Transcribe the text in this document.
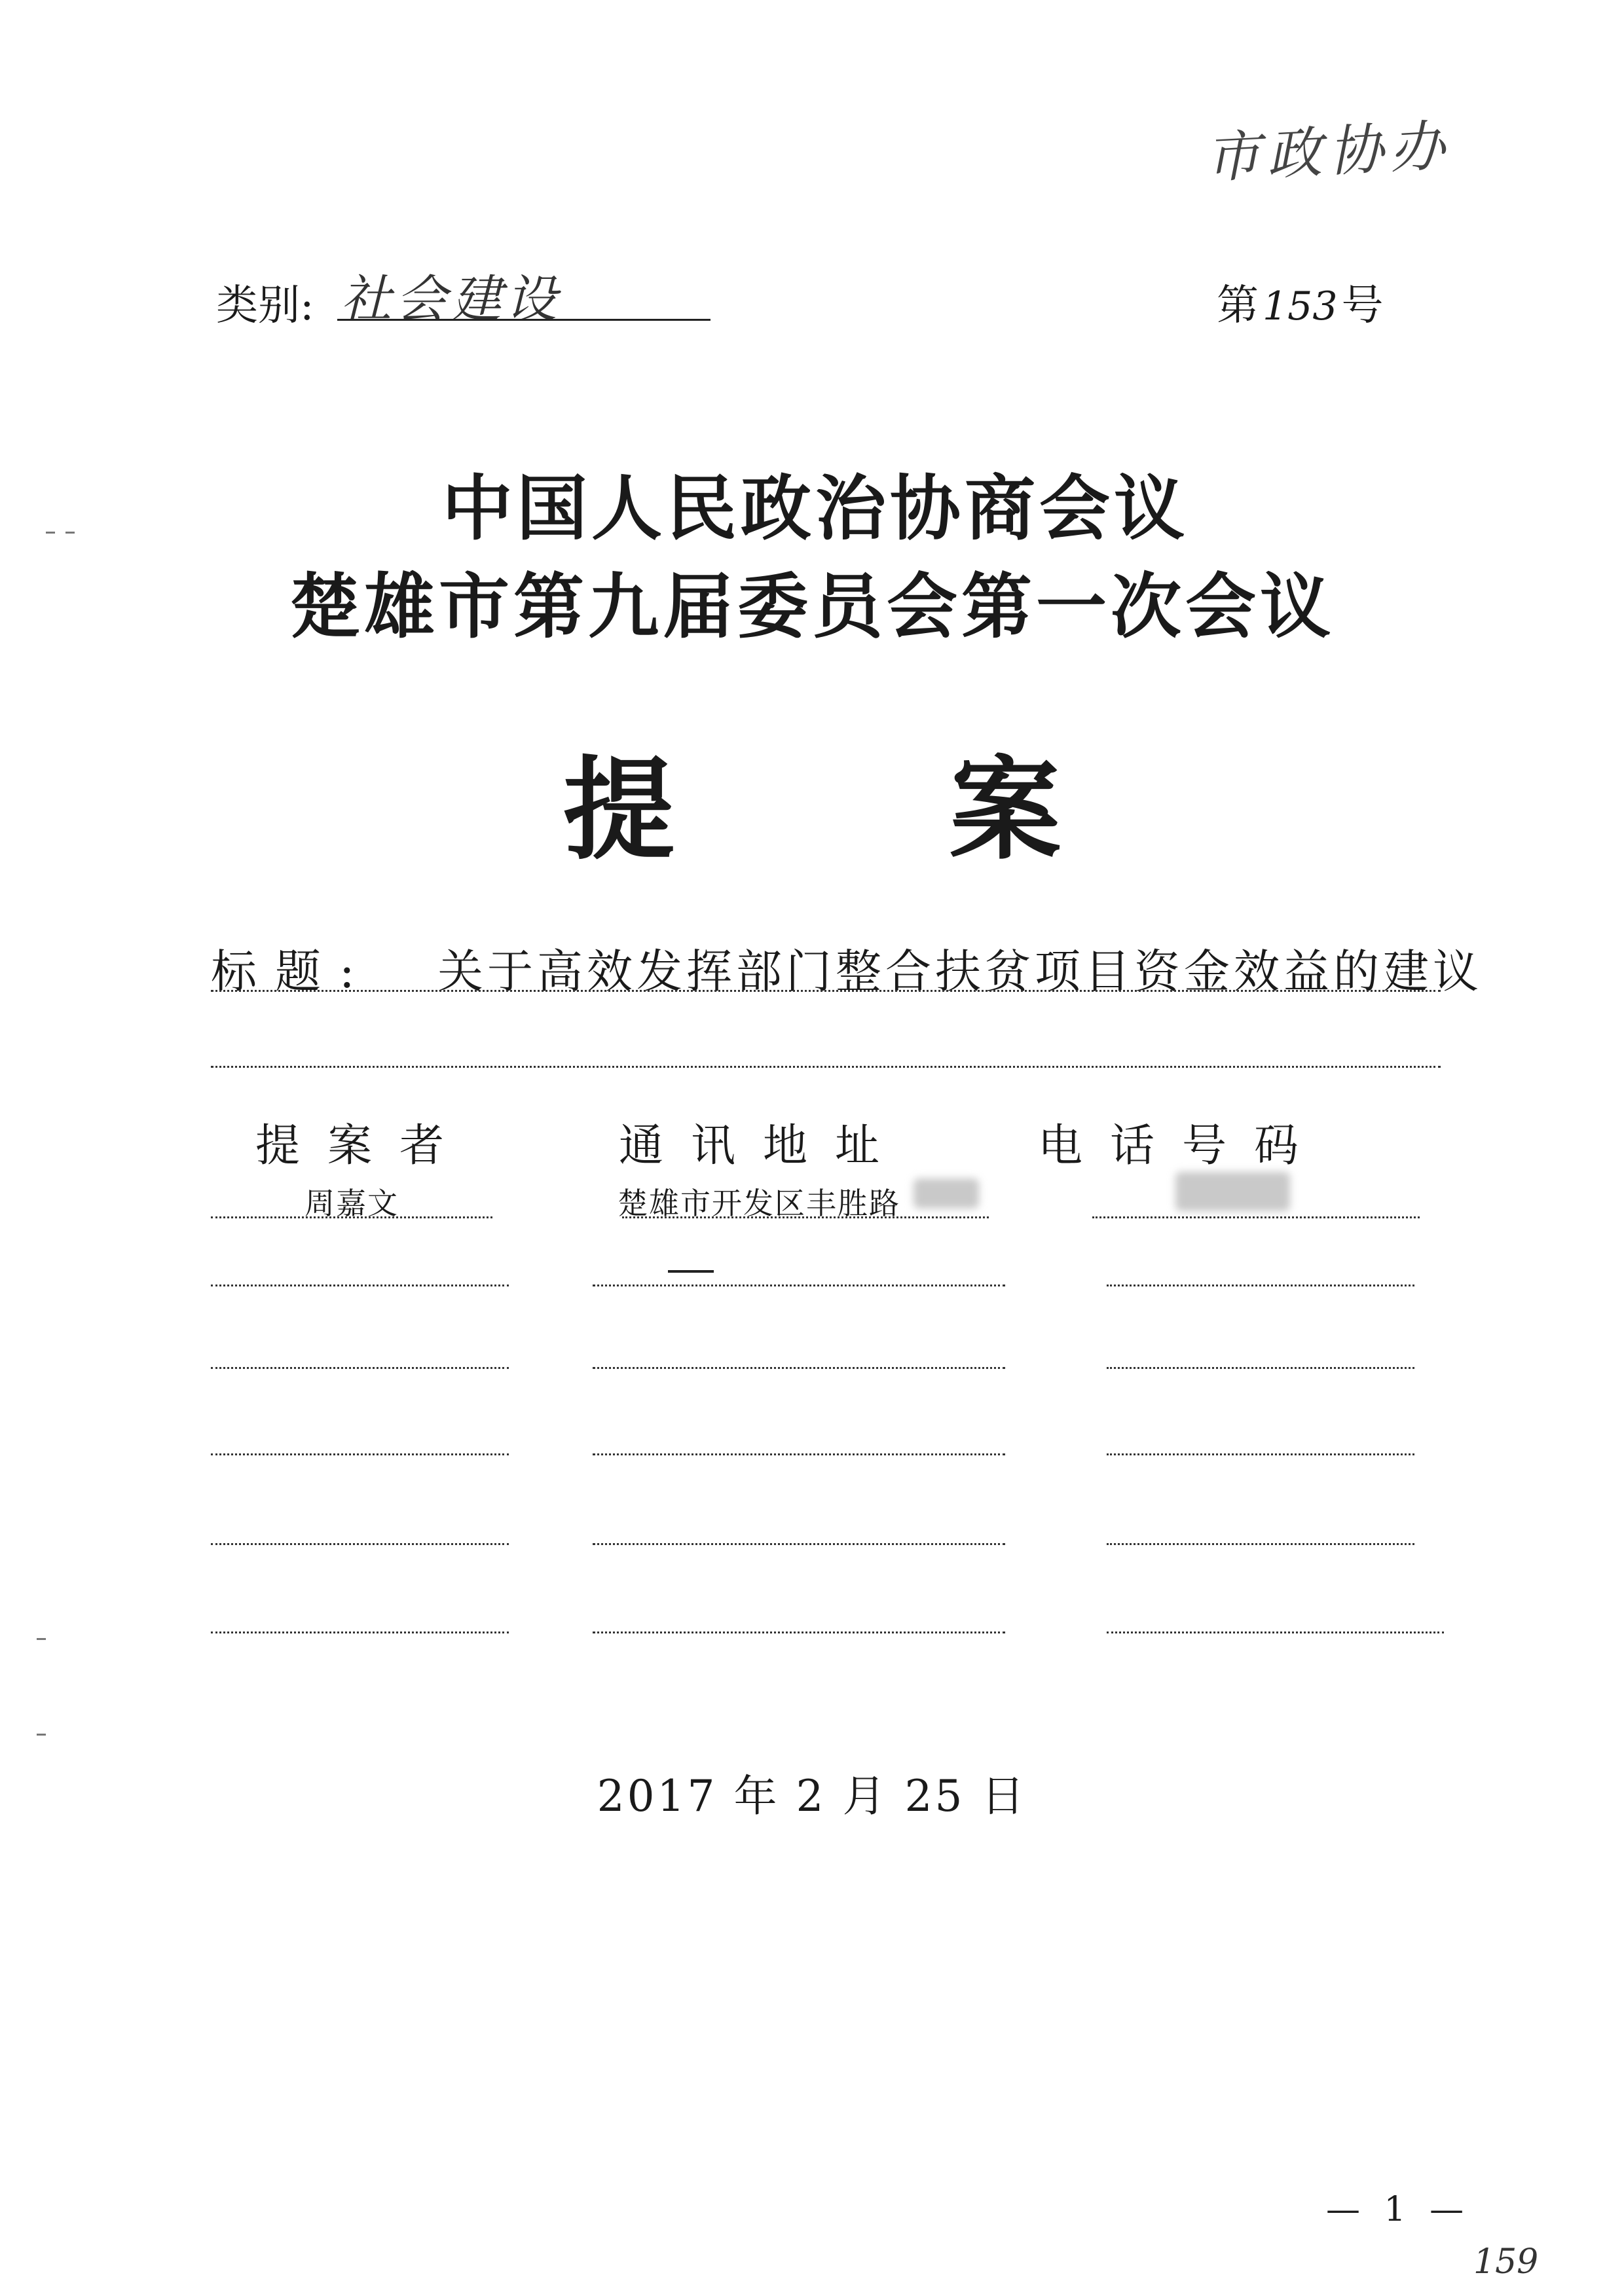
市政协办
类别: 社会建设	第 153号
中国人民政治协商会议
楚雄市第九届委员会第一次会议
提案
标题: 关于高效发挥部门整合扶贫项目资金效益的建议
提案者	通讯地址	电话号码
周嘉文	楚雄市开发区丰胜路
2017 年 2 月 25 日
— 1 —
159
